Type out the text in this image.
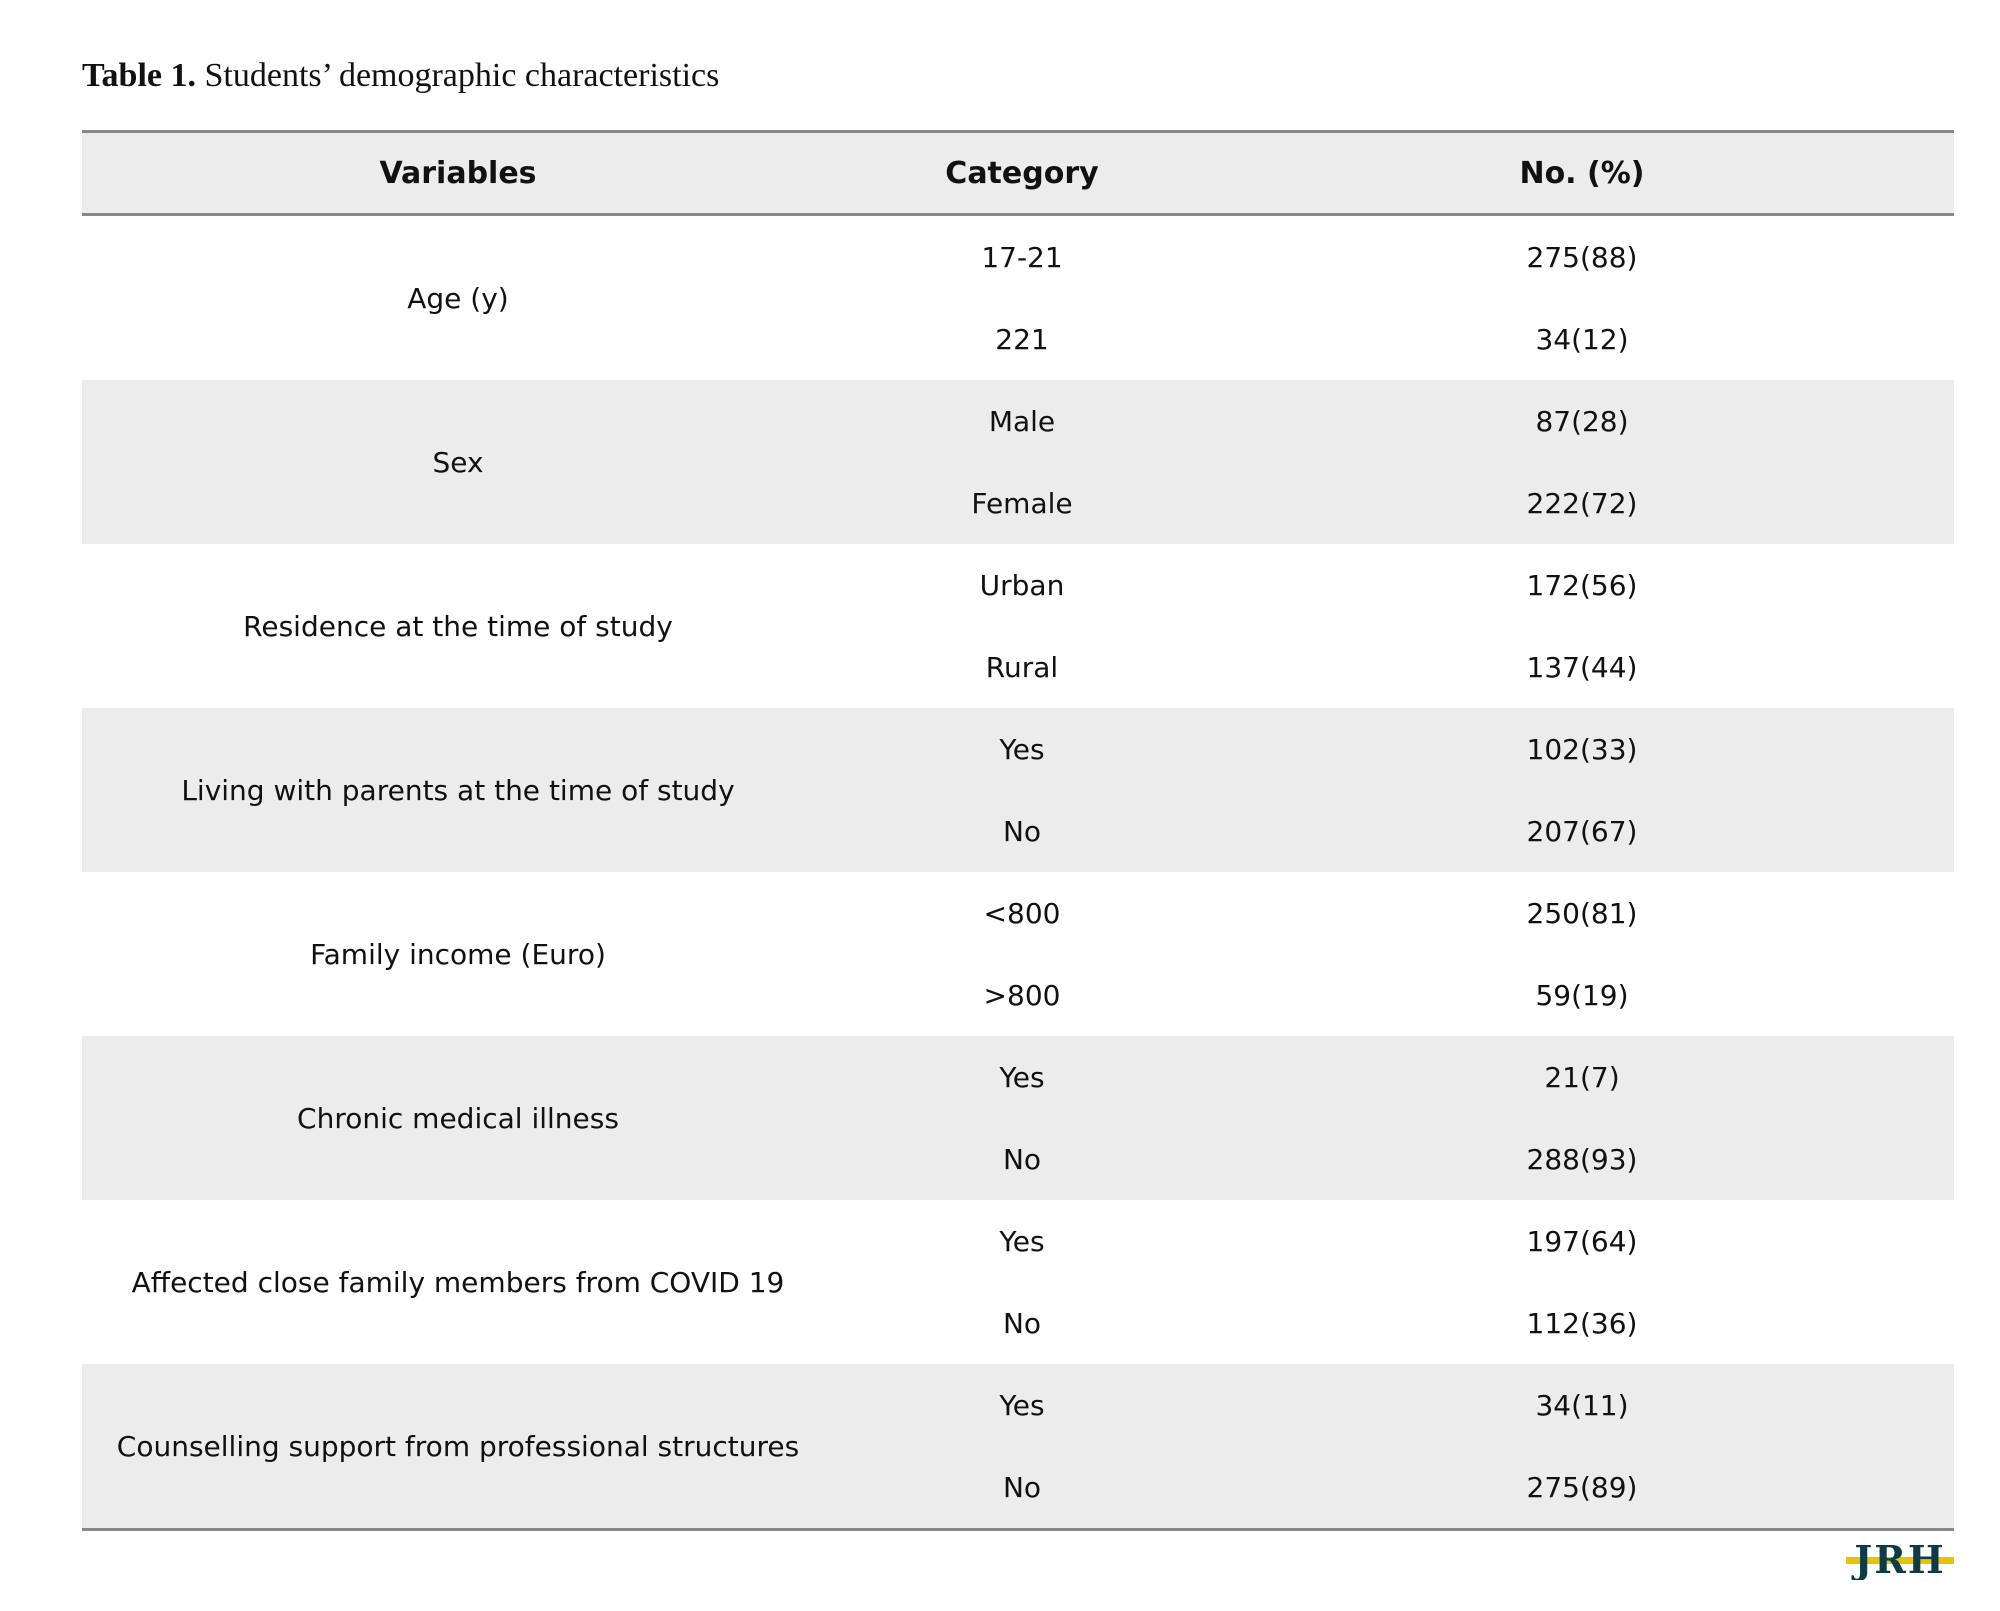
Table 1. Students’ demographic characteristics
Variables	Category	No. (%)
Age (y)	17-21	275(88)
	221	34(12)
Sex	Male	87(28)
	Female	222(72)
Residence at the time of study	Urban	172(56)
	Rural	137(44)
Living with parents at the time of study	Yes	102(33)
	No	207(67)
Family income (Euro)	<800	250(81)
	>800	59(19)
Chronic medical illness	Yes	21(7)
	No	288(93)
Affected close family members from COVID 19	Yes	197(64)
	No	112(36)
Counselling support from professional structures	Yes	34(11)
	No	275(89)
JRH
